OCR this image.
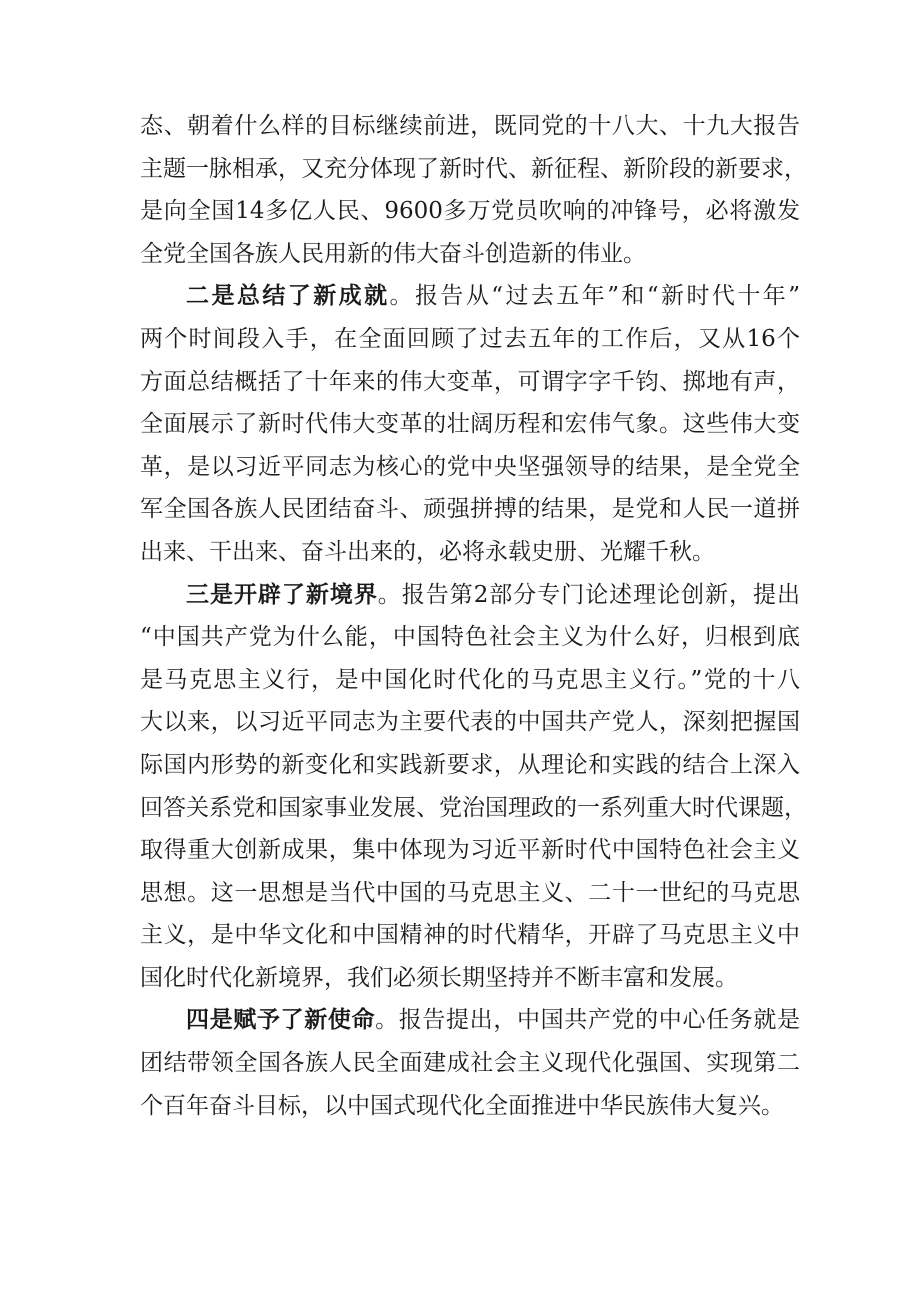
态、朝着什么样的目标继续前进，既同党的十八大、十九大报告
主题一脉相承，又充分体现了新时代、新征程、新阶段的新要求，
是向全国14多亿人民、9600多万党员吹响的冲锋号，必将激发
全党全国各族人民用新的伟大奋斗创造新的伟业。
二是总结了新成就。报告从“过去五年”和“新时代十年”
两个时间段入手，在全面回顾了过去五年的工作后，又从16个
方面总结概括了十年来的伟大变革，可谓字字千钧、掷地有声，
全面展示了新时代伟大变革的壮阔历程和宏伟气象。这些伟大变
革，是以习近平同志为核心的党中央坚强领导的结果，是全党全
军全国各族人民团结奋斗、顽强拼搏的结果，是党和人民一道拼
出来、干出来、奋斗出来的，必将永载史册、光耀千秋。
三是开辟了新境界。报告第2部分专门论述理论创新，提出
“中国共产党为什么能，中国特色社会主义为什么好，归根到底
是马克思主义行，是中国化时代化的马克思主义行。”党的十八
大以来，以习近平同志为主要代表的中国共产党人，深刻把握国
际国内形势的新变化和实践新要求，从理论和实践的结合上深入
回答关系党和国家事业发展、党治国理政的一系列重大时代课题，
取得重大创新成果，集中体现为习近平新时代中国特色社会主义
思想。这一思想是当代中国的马克思主义、二十一世纪的马克思
主义，是中华文化和中国精神的时代精华，开辟了马克思主义中
国化时代化新境界，我们必须长期坚持并不断丰富和发展。
四是赋予了新使命。报告提出，中国共产党的中心任务就是
团结带领全国各族人民全面建成社会主义现代化强国、实现第二
个百年奋斗目标，以中国式现代化全面推进中华民族伟大复兴。
